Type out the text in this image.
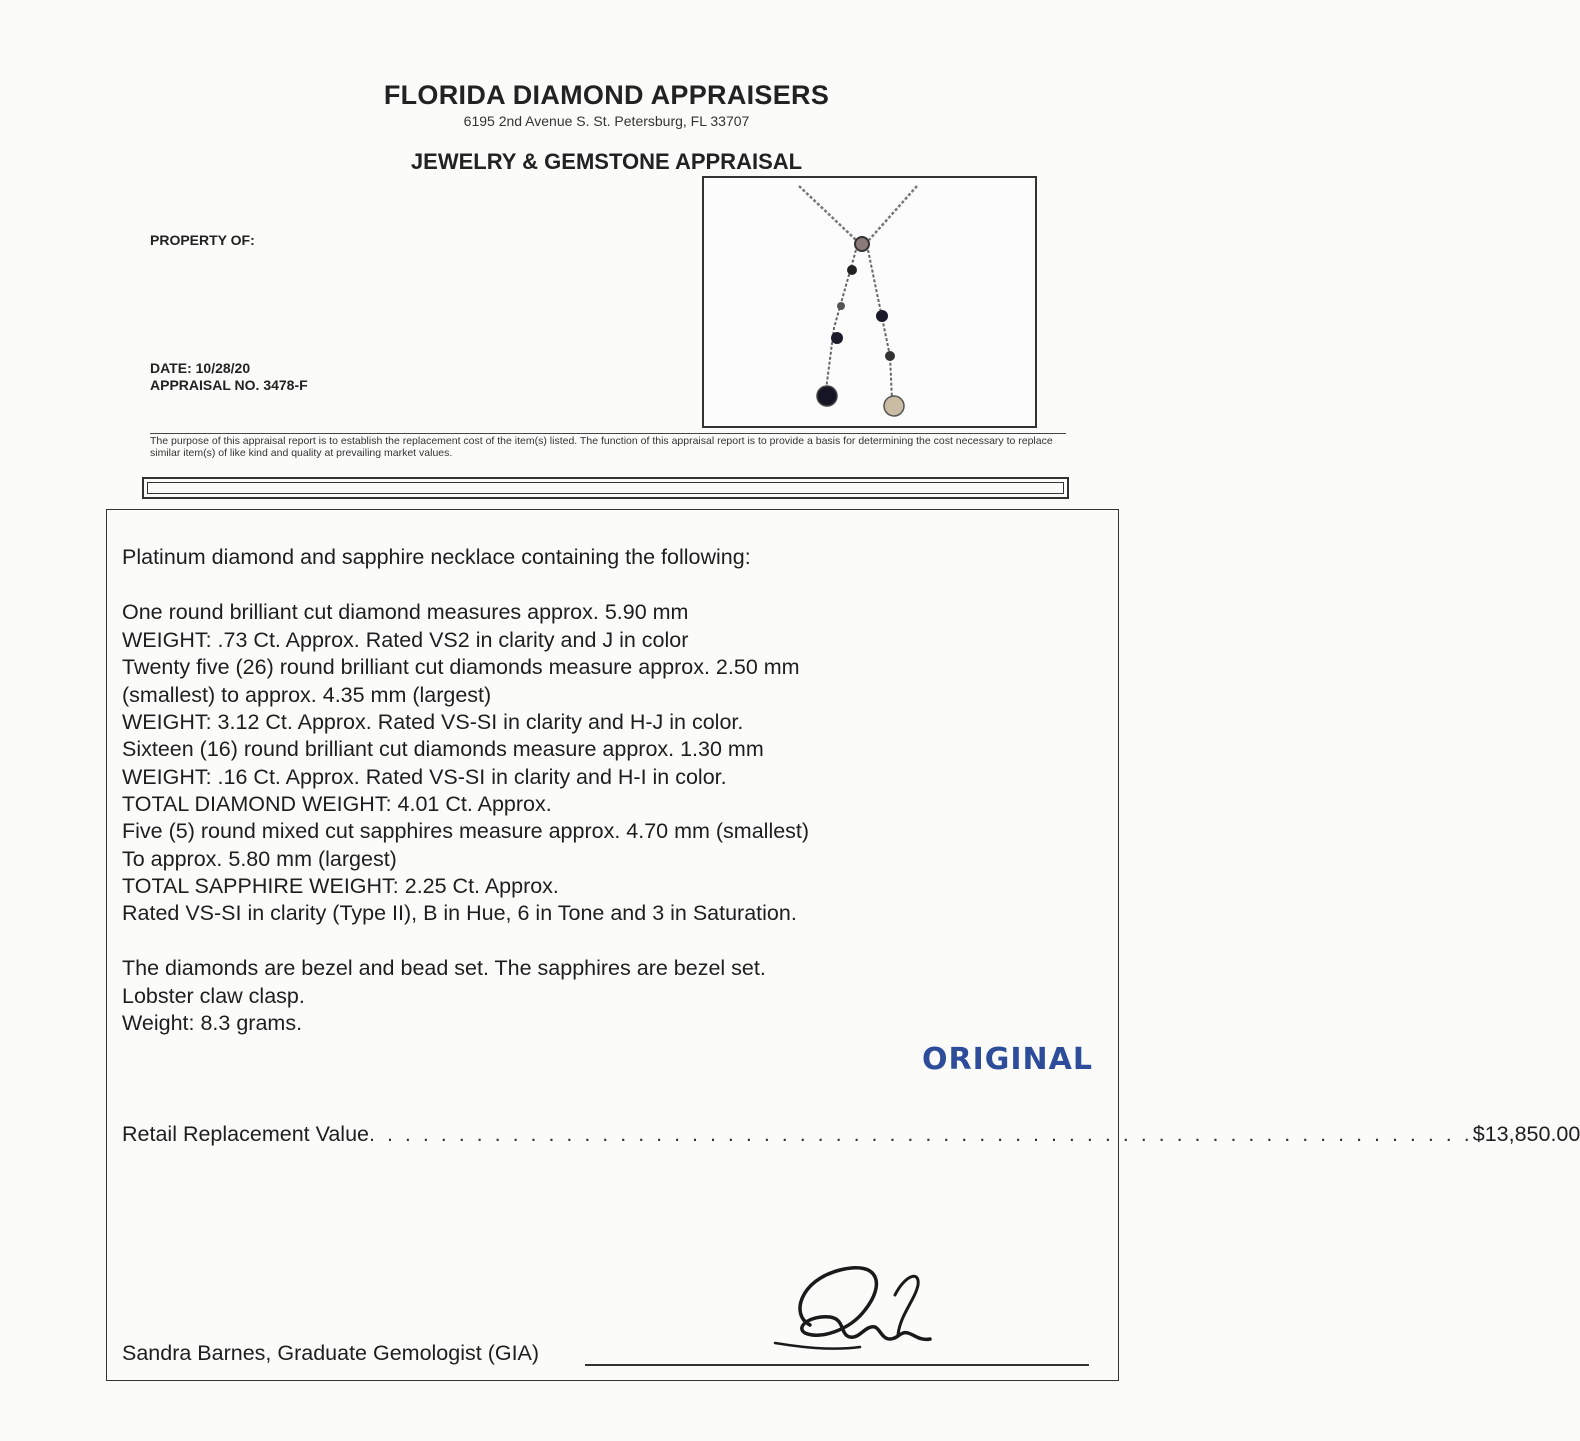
FLORIDA DIAMOND APPRAISERS
6195 2nd Avenue S. St. Petersburg, FL 33707
JEWELRY & GEMSTONE APPRAISAL
PROPERTY OF:
DATE: 10/28/20
APPRAISAL NO. 3478-F
The purpose of this appraisal report is to establish the replacement cost of the item(s) listed. The function of this appraisal report is to provide a basis for determining the cost necessary to replace similar item(s) of like kind and quality at prevailing market values.
Platinum diamond and sapphire necklace containing the following:
One round brilliant cut diamond measures approx. 5.90 mm
WEIGHT: .73 Ct. Approx. Rated VS2 in clarity and J in color
Twenty five (26) round brilliant cut diamonds measure approx. 2.50 mm
(smallest) to approx. 4.35 mm (largest)
WEIGHT: 3.12 Ct. Approx. Rated VS-SI in clarity and H-J in color.
Sixteen (16) round brilliant cut diamonds measure approx. 1.30 mm
WEIGHT: .16 Ct. Approx. Rated VS-SI in clarity and H-I in color.
TOTAL DIAMOND WEIGHT: 4.01 Ct. Approx.
Five (5) round mixed cut sapphires measure approx. 4.70 mm (smallest)
To approx. 5.80 mm (largest)
TOTAL SAPPHIRE WEIGHT: 2.25 Ct. Approx.
Rated VS-SI in clarity (Type II), B in Hue, 6 in Tone and 3 in Saturation.
The diamonds are bezel and bead set. The sapphires are bezel set.
Lobster claw clasp.
Weight: 8.3 grams.
Retail Replacement Value . . . . . . . . . . . . . . . . . . . . . . . . . . . . . . . . . . . . . . . . . . . . . . . . . . . . . . . . . . . . . . $13,850.00
Sandra Barnes, Graduate Gemologist (GIA)
ORIGINAL
